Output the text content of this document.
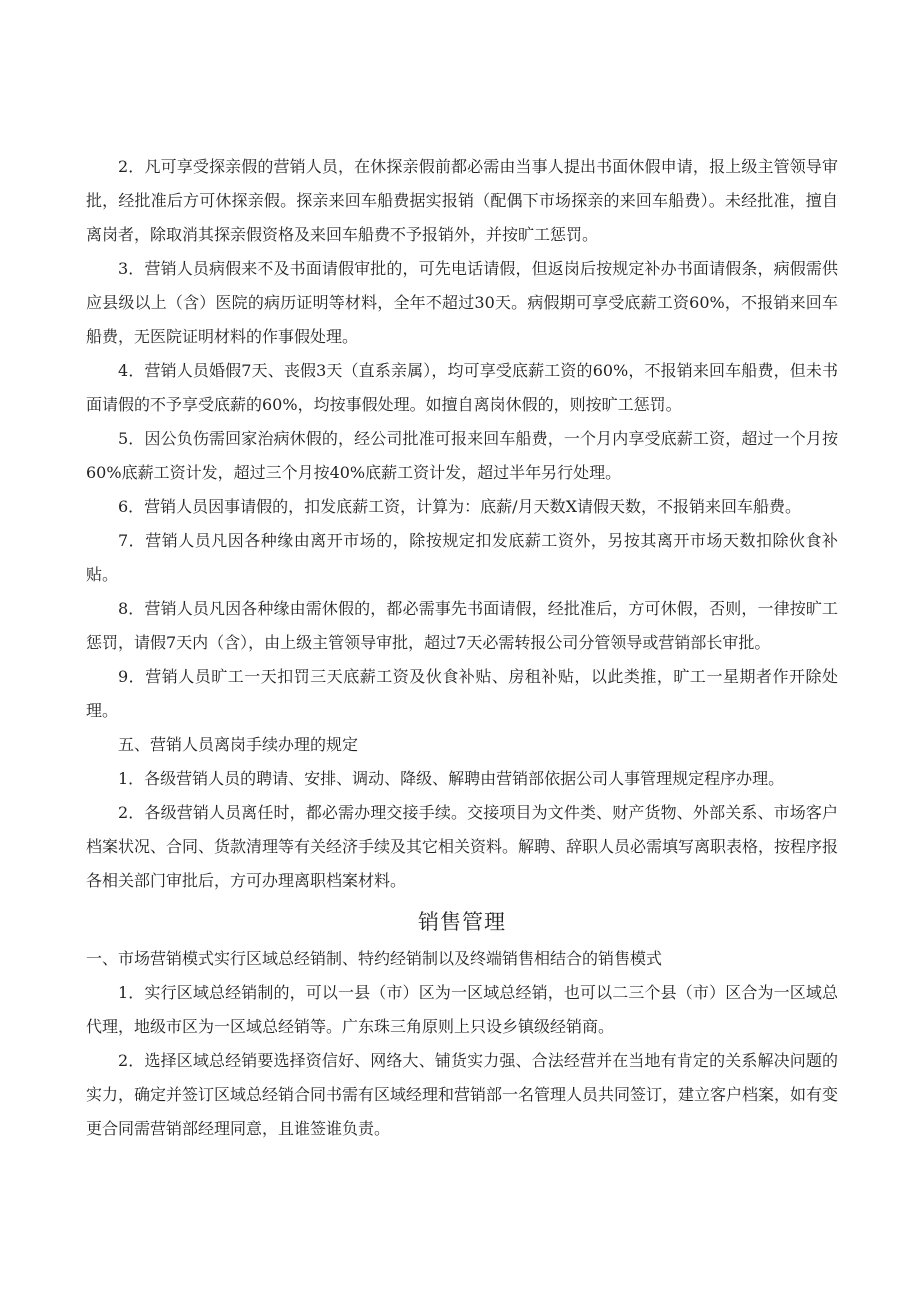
2．凡可享受探亲假的营销人员，在休探亲假前都必需由当事人提出书面休假申请，报上级主管领导审批，经批准后方可休探亲假。探亲来回车船费据实报销（配偶下市场探亲的来回车船费）。未经批准，擅自离岗者，除取消其探亲假资格及来回车船费不予报销外，并按旷工惩罚。

3．营销人员病假来不及书面请假审批的，可先电话请假，但返岗后按规定补办书面请假条，病假需供应县级以上（含）医院的病历证明等材料，全年不超过30天。病假期可享受底薪工资60%，不报销来回车船费，无医院证明材料的作事假处理。

4．营销人员婚假7天、丧假3天（直系亲属），均可享受底薪工资的60%，不报销来回车船费，但未书面请假的不予享受底薪的60%，均按事假处理。如擅自离岗休假的，则按旷工惩罚。

5．因公负伤需回家治病休假的，经公司批准可报来回车船费，一个月内享受底薪工资，超过一个月按60%底薪工资计发，超过三个月按40%底薪工资计发，超过半年另行处理。

6．营销人员因事请假的，扣发底薪工资，计算为：底薪/月天数X请假天数，不报销来回车船费。

7．营销人员凡因各种缘由离开市场的，除按规定扣发底薪工资外，另按其离开市场天数扣除伙食补贴。

8．营销人员凡因各种缘由需休假的，都必需事先书面请假，经批准后，方可休假，否则，一律按旷工惩罚，请假7天内（含），由上级主管领导审批，超过7天必需转报公司分管领导或营销部长审批。

9．营销人员旷工一天扣罚三天底薪工资及伙食补贴、房租补贴，以此类推，旷工一星期者作开除处理。

五、营销人员离岗手续办理的规定

1．各级营销人员的聘请、安排、调动、降级、解聘由营销部依据公司人事管理规定程序办理。

2．各级营销人员离任时，都必需办理交接手续。交接项目为文件类、财产货物、外部关系、市场客户档案状况、合同、货款清理等有关经济手续及其它相关资料。解聘、辞职人员必需填写离职表格，按程序报各相关部门审批后，方可办理离职档案材料。

销售管理

一、市场营销模式实行区域总经销制、特约经销制以及终端销售相结合的销售模式

1．实行区域总经销制的，可以一县（市）区为一区域总经销，也可以二三个县（市）区合为一区域总代理，地级市区为一区域总经销等。广东珠三角原则上只设乡镇级经销商。

2．选择区域总经销要选择资信好、网络大、铺货实力强、合法经营并在当地有肯定的关系解决问题的实力，确定并签订区域总经销合同书需有区域经理和营销部一名管理人员共同签订，建立客户档案，如有变更合同需营销部经理同意，且谁签谁负责。
